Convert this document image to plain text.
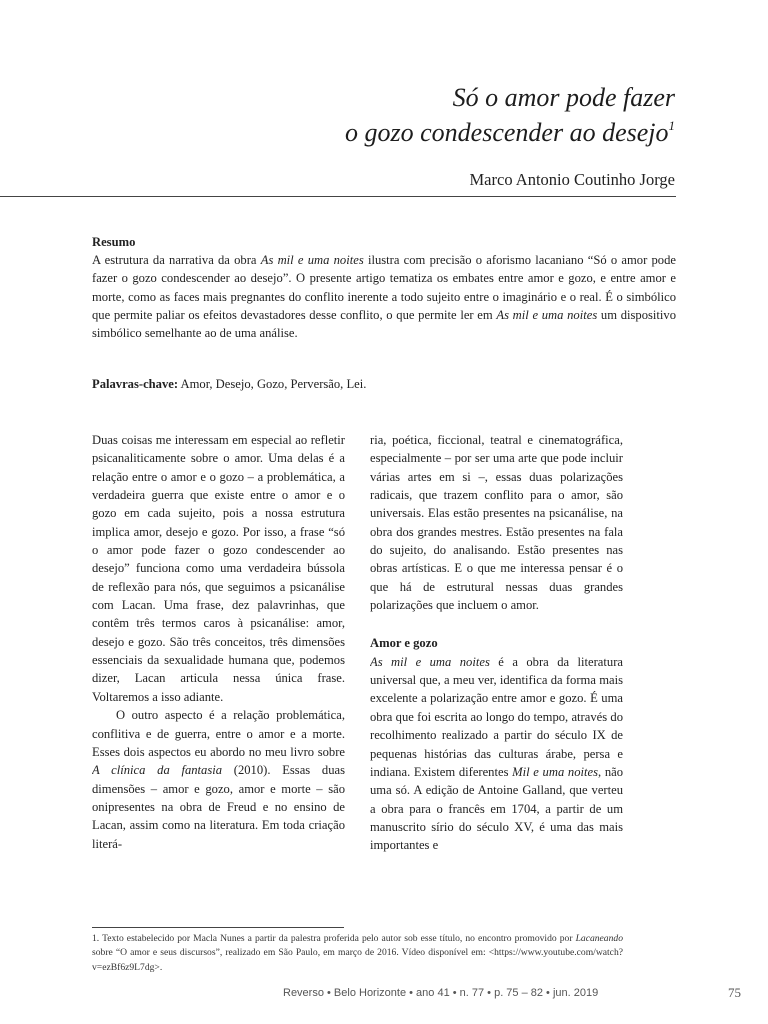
Só o amor pode fazer
o gozo condescender ao desejo$^1$
Marco Antonio Coutinho Jorge
Resumo
A estrutura da narrativa da obra As mil e uma noites ilustra com precisão o aforismo lacaniano “Só o amor pode fazer o gozo condescender ao desejo”. O presente artigo tematiza os embates entre amor e gozo, e entre amor e morte, como as faces mais pregnantes do conflito inerente a todo sujeito entre o imaginário e o real. É o simbólico que permite paliar os efeitos devastadores desse conflito, o que permite ler em As mil e uma noites um dispositivo simbólico semelhante ao de uma análise.
Palavras-chave: Amor, Desejo, Gozo, Perversão, Lei.

Duas coisas me interessam em especial ao refletir psicanaliticamente sobre o amor. Uma delas é a relação entre o amor e o gozo – a problemática, a verdadeira guerra que existe entre o amor e o gozo em cada sujeito, pois a nossa estrutura implica amor, desejo e gozo. Por isso, a frase “só o amor pode fazer o gozo condescender ao desejo” funciona como uma verdadeira bússola de reflexão para nós, que seguimos a psicanálise com Lacan. Uma frase, dez palavrinhas, que contêm três termos caros à psicanálise: amor, desejo e gozo. São três conceitos, três dimensões essenciais da sexualidade humana que, podemos dizer, Lacan articula nessa única frase. Voltaremos a isso adiante.

O outro aspecto é a relação problemática, conflitiva e de guerra, entre o amor e a morte. Esses dois aspectos eu abordo no meu livro sobre A clínica da fantasia (2010). Essas duas dimensões – amor e gozo, amor e morte – são onipresentes na obra de Freud e no ensino de Lacan, assim como na literatura. Em toda criação literá-

ria, poética, ficcional, teatral e cinematográfica, especialmente – por ser uma arte que pode incluir várias artes em si –, essas duas polarizações radicais, que trazem conflito para o amor, são universais. Elas estão presentes na psicanálise, na obra dos grandes mestres. Estão presentes na fala do sujeito, do analisando. Estão presentes nas obras artísticas. E o que me interessa pensar é o que há de estrutural nessas duas grandes polarizações que incluem o amor.

Amor e gozo

As mil e uma noites é a obra da literatura universal que, a meu ver, identifica da forma mais excelente a polarização entre amor e gozo. É uma obra que foi escrita ao longo do tempo, através do recolhimento realizado a partir do século IX de pequenas histórias das culturas árabe, persa e indiana. Existem diferentes Mil e uma noites, não uma só. A edição de Antoine Galland, que verteu a obra para o francês em 1704, a partir de um manuscrito sírio do século XV, é uma das mais importantes e

1. Texto estabelecido por Macla Nunes a partir da palestra proferida pelo autor sob esse título, no encontro promovido por Lacaneando sobre “O amor e seus discursos”, realizado em São Paulo, em março de 2016. Vídeo disponível em: <https://www.youtube.com/watch?v=ezBf6z9L7dg>.
Reverso • Belo Horizonte • ano 41 • n. 77 • p. 75 – 82 • jun. 2019	75
